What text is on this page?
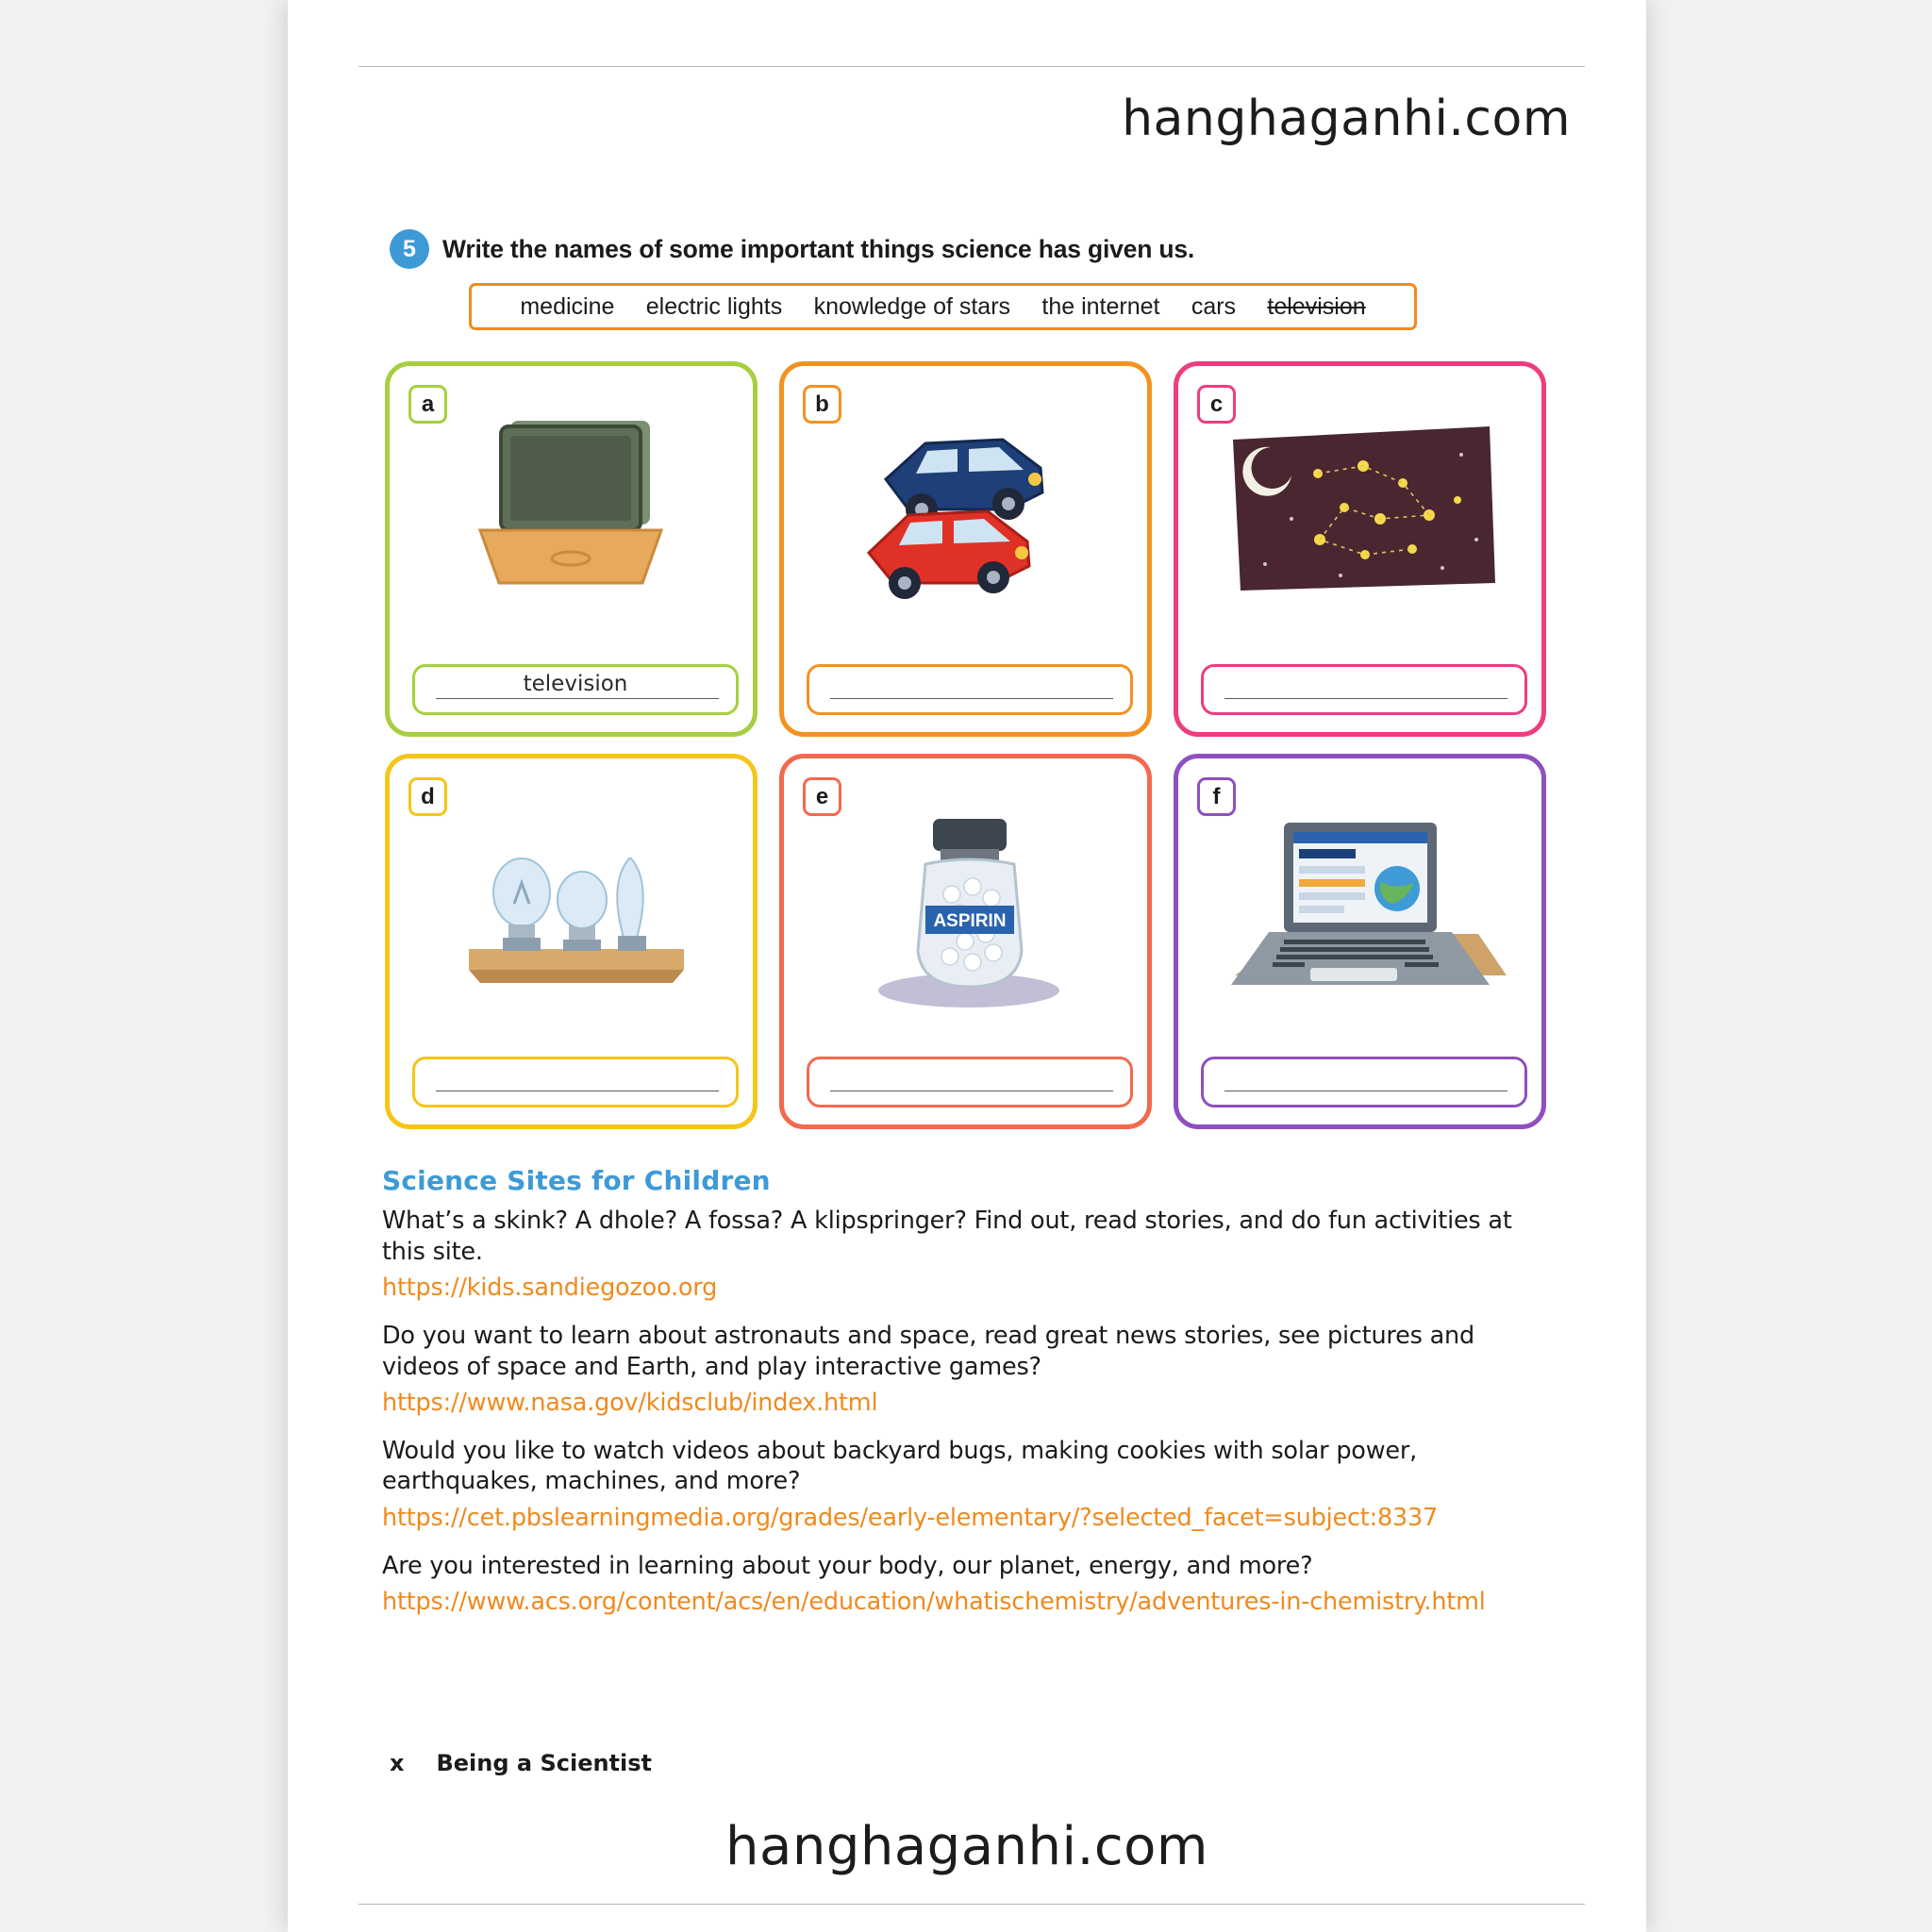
hanghaganhi.com
hanghaganhi.com
5	Write the names of some important things science has given us.
medicine electric lights knowledge of stars the internet cars television
a
television
b	c
d	e
ASPIRIN
f
Science Sites for Children

What’s a skink? A dhole? A fossa? A klipspringer? Find out, read stories, and do fun activities at this site.

https://kids.sandiegozoo.org

Do you want to learn about astronauts and space, read great news stories, see pictures and videos of space and Earth, and play interactive games?

https://www.nasa.gov/kidsclub/index.html

Would you like to watch videos about backyard bugs, making cookies with solar power, earthquakes, machines, and more?

https://cet.pbslearningmedia.org/grades/early-elementary/?selected_facet=subject:8337

Are you interested in learning about your body, our planet, energy, and more?

https://www.acs.org/content/acs/en/education/whatischemistry/adventures-in-chemistry.html
x Being a Scientist
